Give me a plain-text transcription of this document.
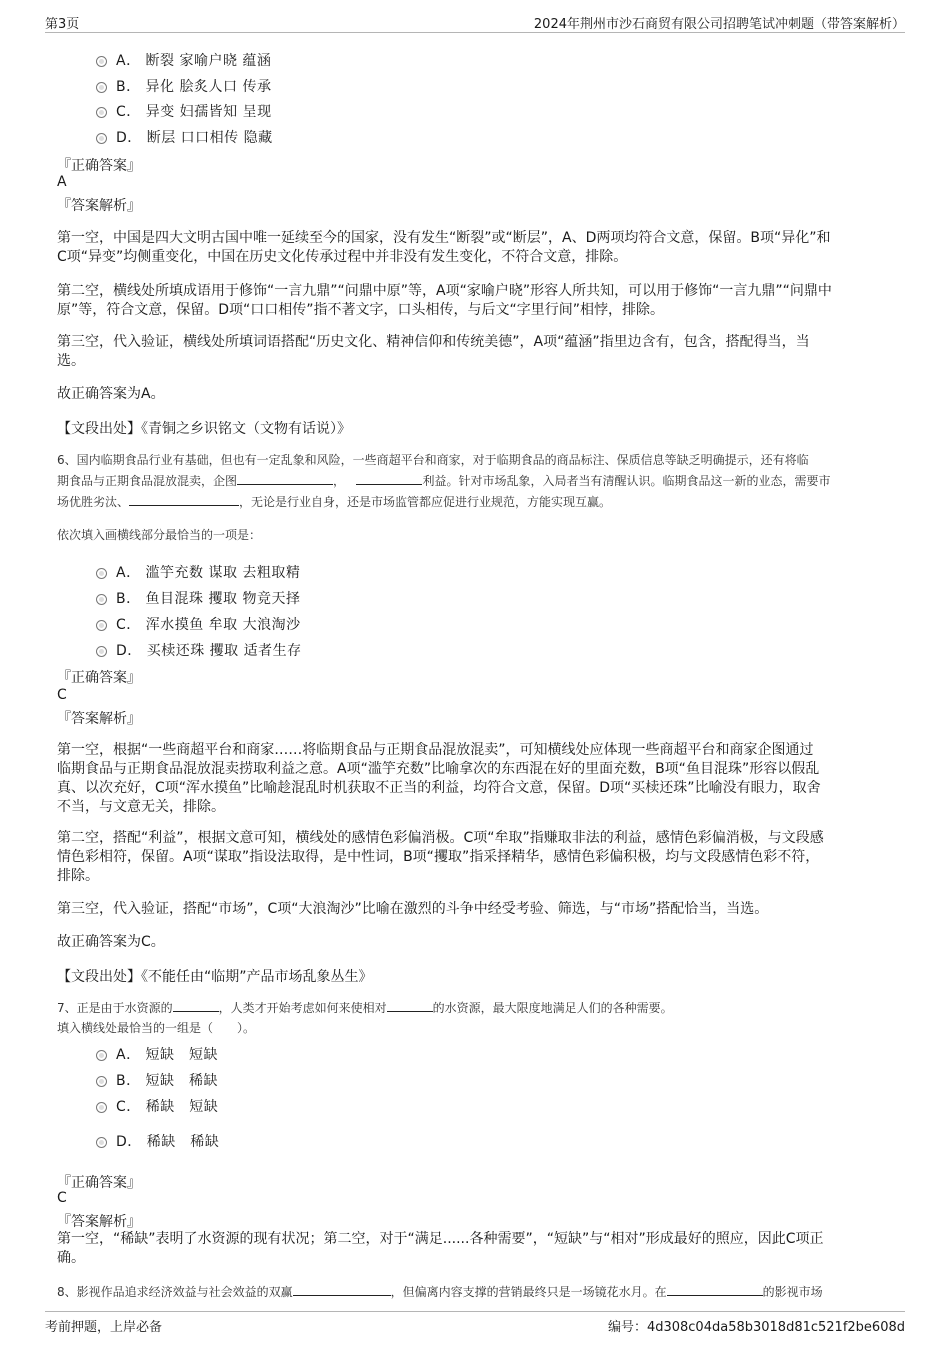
第3页	2024年荆州市沙石商贸有限公司招聘笔试冲刺题（带答案解析）
A． 断裂 家喻户晓 蕴涵
B． 异化 脍炙人口 传承
C． 异变 妇孺皆知 呈现
D． 断层 口口相传 隐藏
『正确答案』
A
『答案解析』
第一空，中国是四大文明古国中唯一延续至今的国家，没有发生“断裂”或“断层”，A、D两项均符合文意，保留。B项“异化”和
C项“异变”均侧重变化，中国在历史文化传承过程中并非没有发生变化，不符合文意，排除。
第二空，横线处所填成语用于修饰“一言九鼎”“问鼎中原”等，A项“家喻户晓”形容人所共知，可以用于修饰“一言九鼎”“问鼎中
原”等，符合文意，保留。D项“口口相传”指不著文字，口头相传，与后文“字里行间”相悖，排除。
第三空，代入验证，横线处所填词语搭配“历史文化、精神信仰和传统美德”，A项“蕴涵”指里边含有，包含，搭配得当，当
选。
故正确答案为A。
【文段出处】《青铜之乡识铭文（文物有话说）》
6、国内临期食品行业有基础，但也有一定乱象和风险，一些商超平台和商家，对于临期食品的商品标注、保质信息等缺乏明确提示，还有将临
期食品与正期食品混放混卖，企图	，	利益。针对市场乱象，入局者当有清醒认识。临期食品这一新的业态，需要市
场优胜劣汰、	，无论是行业自身，还是市场监管都应促进行业规范，方能实现互赢。
依次填入画横线部分最恰当的一项是：
A． 滥竽充数 谋取 去粗取精
B． 鱼目混珠 攫取 物竞天择
C． 浑水摸鱼 牟取 大浪淘沙
D． 买椟还珠 攫取 适者生存
『正确答案』
C
『答案解析』
第一空，根据“一些商超平台和商家……将临期食品与正期食品混放混卖”，可知横线处应体现一些商超平台和商家企图通过
临期食品与正期食品混放混卖捞取利益之意。A项“滥竽充数”比喻拿次的东西混在好的里面充数，B项“鱼目混珠”形容以假乱
真、以次充好，C项“浑水摸鱼”比喻趁混乱时机获取不正当的利益，均符合文意，保留。D项“买椟还珠”比喻没有眼力，取舍
不当，与文意无关，排除。
第二空，搭配“利益”，根据文意可知，横线处的感情色彩偏消极。C项“牟取”指赚取非法的利益，感情色彩偏消极，与文段感
情色彩相符，保留。A项“谋取”指设法取得，是中性词，B项“攫取”指采择精华，感情色彩偏积极，均与文段感情色彩不符，
排除。
第三空，代入验证，搭配“市场”，C项“大浪淘沙”比喻在激烈的斗争中经受考验、筛选，与“市场”搭配恰当，当选。
故正确答案为C。
【文段出处】《不能任由“临期”产品市场乱象丛生》
7、正是由于水资源的	，人类才开始考虑如何来使相对	的水资源，最大限度地满足人们的各种需要。
填入横线处最恰当的一组是（　　）。
A． 短缺　短缺
B． 短缺　稀缺
C． 稀缺　短缺
D． 稀缺　稀缺
『正确答案』
C
『答案解析』
第一空，“稀缺”表明了水资源的现有状况；第二空，对于“满足......各种需要”，“短缺”与“相对”形成最好的照应，因此C项正
确。
8、影视作品追求经济效益与社会效益的双赢	，但偏离内容支撑的营销最终只是一场镜花水月。在	的影视市场
考前押题，上岸必备	编号：4d308c04da58b3018d81c521f2be608d
